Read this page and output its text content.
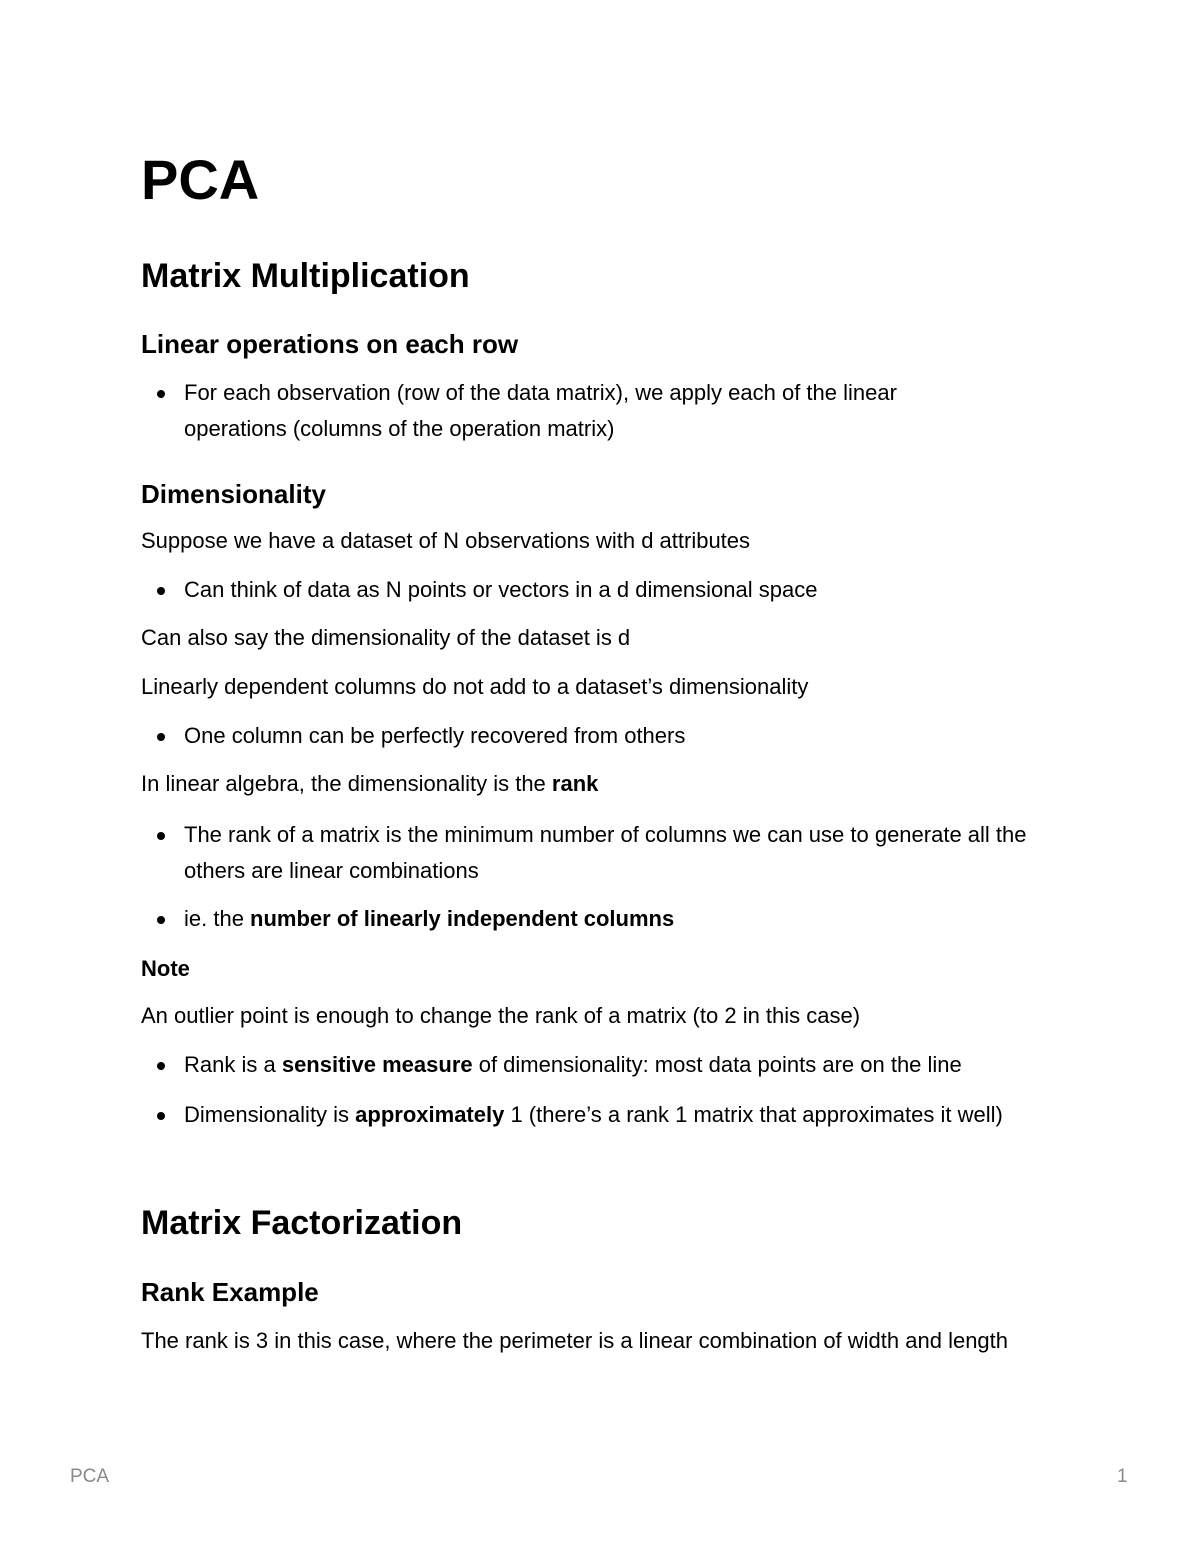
PCA
Matrix Multiplication
Linear operations on each row

For each observation (row of the data matrix), we apply each of the linear operations (columns of the operation matrix)

Dimensionality

Suppose we have a dataset of N observations with d attributes

Can think of data as N points or vectors in a d dimensional space

Can also say the dimensionality of the dataset is d

Linearly dependent columns do not add to a dataset’s dimensionality

One column can be perfectly recovered from others

In linear algebra, the dimensionality is the rank

The rank of a matrix is the minimum number of columns we can use to generate all the others are linear combinations

ie. the number of linearly independent columns

Note

An outlier point is enough to change the rank of a matrix (to 2 in this case)

Rank is a sensitive measure of dimensionality: most data points are on the line

Dimensionality is approximately 1 (there’s a rank 1 matrix that approximates it well)

Matrix Factorization
Rank Example

The rank is 3 in this case, where the perimeter is a linear combination of width and length

PCA	1
